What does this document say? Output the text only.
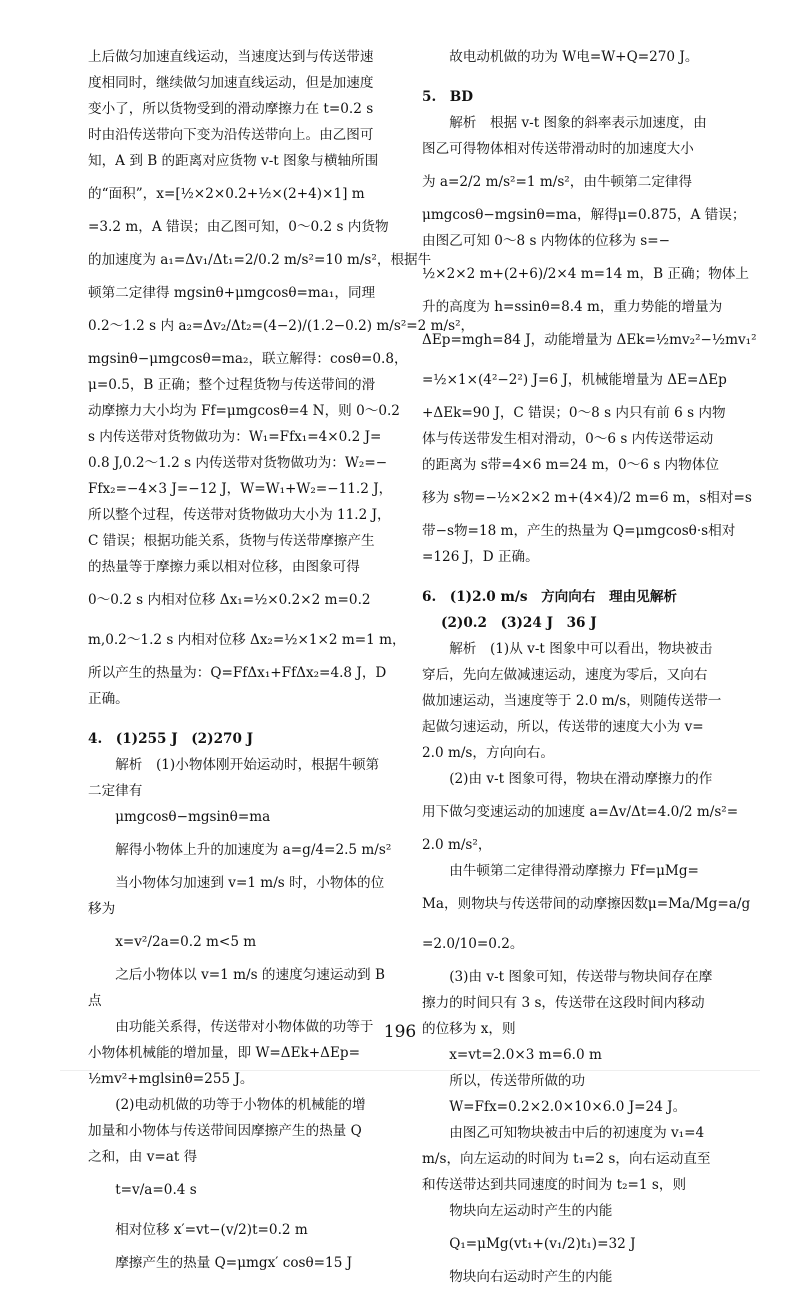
上后做匀加速直线运动，当速度达到与传送带速
度相同时，继续做匀加速直线运动，但是加速度
变小了，所以货物受到的滑动摩擦力在 t=0.2 s
时由沿传送带向下变为沿传送带向上。由乙图可
知，A 到 B 的距离对应货物 v-t 图象与横轴所围
的“面积”，x=[½×2×0.2+½×(2+4)×1] m
=3.2 m，A 错误；由乙图可知，0～0.2 s 内货物
的加速度为 a₁=Δv₁/Δt₁=2/0.2 m/s²=10 m/s²，根据牛
顿第二定律得 mgsinθ+μmgcosθ=ma₁，同理
0.2～1.2 s 内 a₂=Δv₂/Δt₂=(4−2)/(1.2−0.2) m/s²=2 m/s²，
mgsinθ−μmgcosθ=ma₂，联立解得：cosθ=0.8，
μ=0.5，B 正确；整个过程货物与传送带间的滑
动摩擦力大小均为 Ff=μmgcosθ=4 N，则 0～0.2
s 内传送带对货物做功为：W₁=Ffx₁=4×0.2 J=
0.8 J,0.2～1.2 s 内传送带对货物做功为：W₂=−
Ffx₂=−4×3 J=−12 J，W=W₁+W₂=−11.2 J，
所以整个过程，传送带对货物做功大小为 11.2 J，
C 错误；根据功能关系，货物与传送带摩擦产生
的热量等于摩擦力乘以相对位移，由图象可得
0～0.2 s 内相对位移 Δx₁=½×0.2×2 m=0.2
m,0.2～1.2 s 内相对位移 Δx₂=½×1×2 m=1 m，
所以产生的热量为：Q=FfΔx₁+FfΔx₂=4.8 J，D
正确。
4.　(1)255 J　(2)270 J
解析　(1)小物体刚开始运动时，根据牛顿第
二定律有
μmgcosθ−mgsinθ=ma
解得小物体上升的加速度为 a=g/4=2.5 m/s²
当小物体匀加速到 v=1 m/s 时，小物体的位
移为
x=v²/2a=0.2 m<5 m
之后小物体以 v=1 m/s 的速度匀速运动到 B
点
由功能关系得，传送带对小物体做的功等于
小物体机械能的增加量，即 W=ΔEk+ΔEp=
½mv²+mglsinθ=255 J。
(2)电动机做的功等于小物体的机械能的增
加量和小物体与传送带间因摩擦产生的热量 Q
之和，由 v=at 得
t=v/a=0.4 s
相对位移 x′=vt−(v/2)t=0.2 m
摩擦产生的热量 Q=μmgx′ cosθ=15 J
故电动机做的功为 W电=W+Q=270 J。
5.　BD
解析　根据 v-t 图象的斜率表示加速度，由
图乙可得物体相对传送带滑动时的加速度大小
为 a=2/2 m/s²=1 m/s²，由牛顿第二定律得
μmgcosθ−mgsinθ=ma，解得μ=0.875，A 错误；
由图乙可知 0～8 s 内物体的位移为 s=−
½×2×2 m+(2+6)/2×4 m=14 m，B 正确；物体上
升的高度为 h=ssinθ=8.4 m，重力势能的增量为
ΔEp=mgh=84 J，动能增量为 ΔEk=½mv₂²−½mv₁²
=½×1×(4²−2²) J=6 J，机械能增量为 ΔE=ΔEp
+ΔEk=90 J，C 错误；0～8 s 内只有前 6 s 内物
体与传送带发生相对滑动，0～6 s 内传送带运动
的距离为 s带=4×6 m=24 m，0～6 s 内物体位
移为 s物=−½×2×2 m+(4×4)/2 m=6 m，s相对=s
带−s物=18 m，产生的热量为 Q=μmgcosθ·s相对
=126 J，D 正确。
6.　(1)2.0 m/s　方向向右　理由见解析
(2)0.2　(3)24 J　36 J
解析　(1)从 v-t 图象中可以看出，物块被击
穿后，先向左做减速运动，速度为零后，又向右
做加速运动，当速度等于 2.0 m/s，则随传送带一
起做匀速运动，所以，传送带的速度大小为 v=
2.0 m/s，方向向右。
(2)由 v-t 图象可得，物块在滑动摩擦力的作
用下做匀变速运动的加速度 a=Δv/Δt=4.0/2 m/s²=
2.0 m/s²，
由牛顿第二定律得滑动摩擦力 Ff=μMg=
Ma，则物块与传送带间的动摩擦因数μ=Ma/Mg=a/g
=2.0/10=0.2。
(3)由 v-t 图象可知，传送带与物块间存在摩
擦力的时间只有 3 s，传送带在这段时间内移动
的位移为 x，则
x=vt=2.0×3 m=6.0 m
所以，传送带所做的功
W=Ffx=0.2×2.0×10×6.0 J=24 J。
由图乙可知物块被击中后的初速度为 v₁=4
m/s，向左运动的时间为 t₁=2 s，向右运动直至
和传送带达到共同速度的时间为 t₂=1 s，则
物块向左运动时产生的内能
Q₁=μMg(vt₁+(v₁/2)t₁)=32 J
物块向右运动时产生的内能
196
